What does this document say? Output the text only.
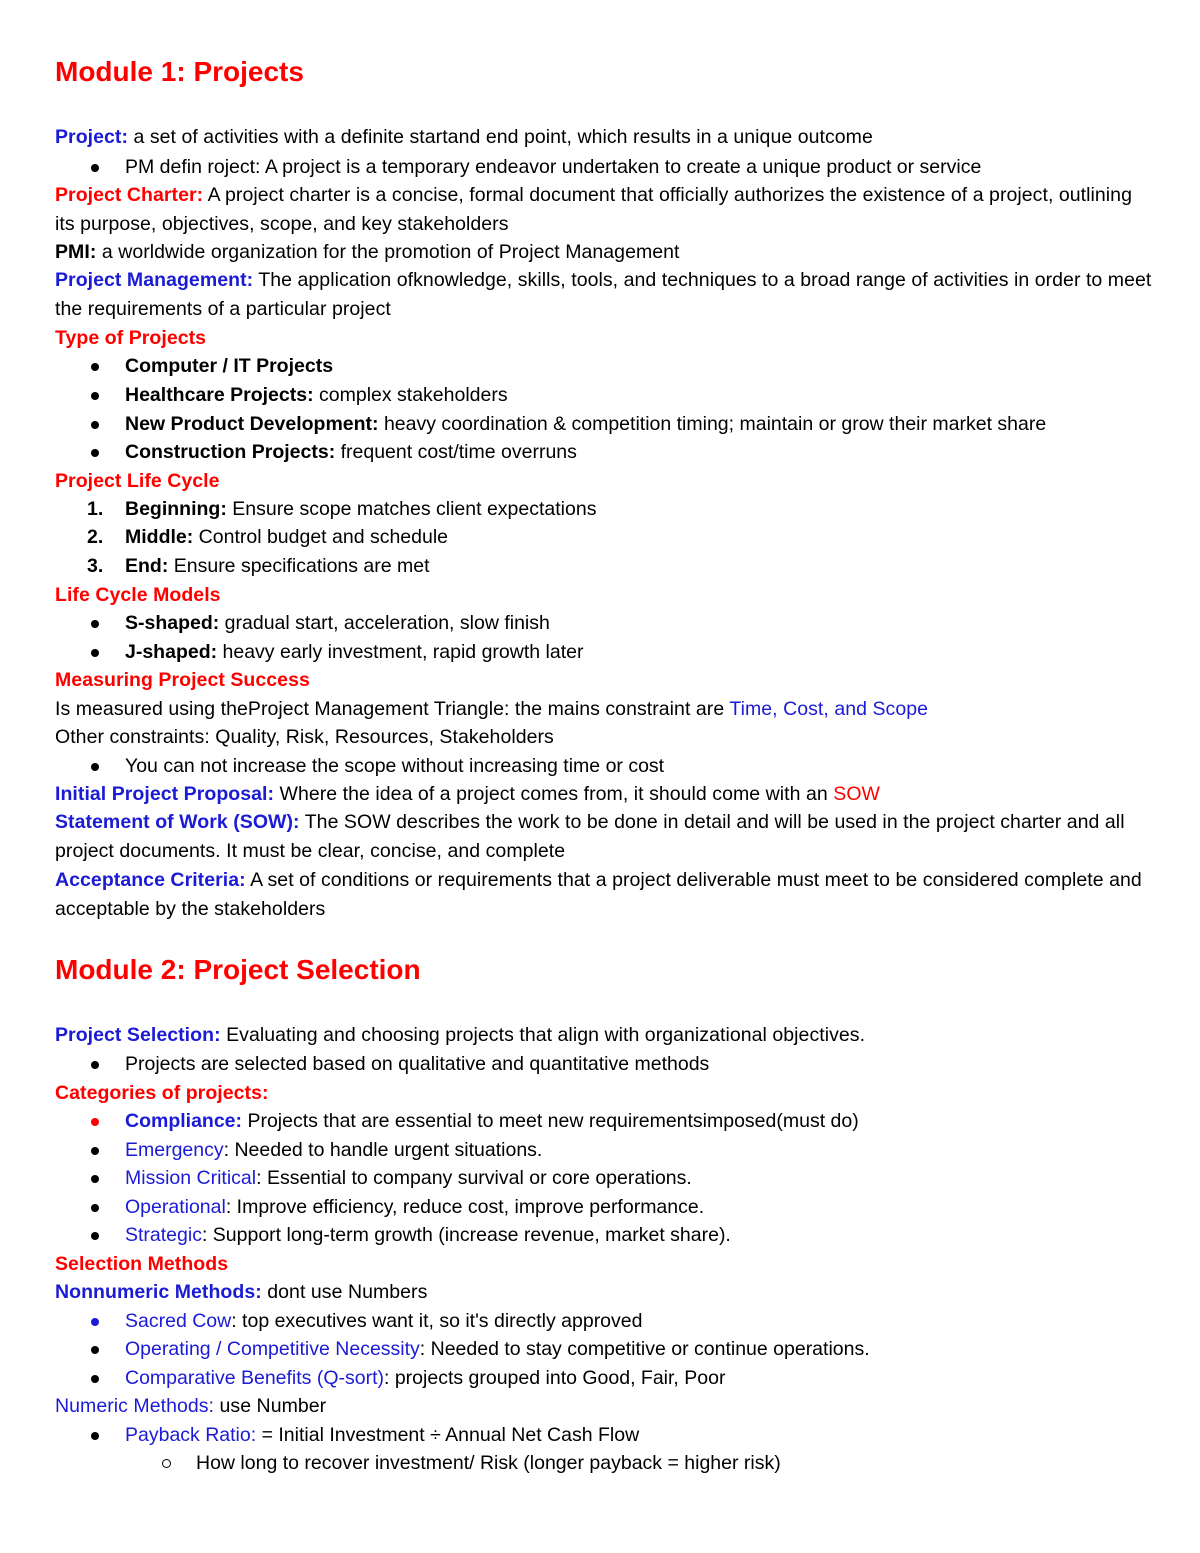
Module 1: Projects
Project: a set of activities with a definite startand end point, which results in a unique outcome
PM defin roject: A project is a temporary endeavor undertaken to create a unique product or service
Project Charter: A project charter is a concise, formal document that officially authorizes the existence of a project, outlining its purpose, objectives, scope, and key stakeholders
PMI: a worldwide organization for the promotion of Project Management
Project Management: The application ofknowledge, skills, tools, and techniques to a broad range of activities in order to meet the requirements of a particular project
Type of Projects
Computer / IT Projects
Healthcare Projects: complex stakeholders
New Product Development: heavy coordination & competition timing; maintain or grow their market share
Construction Projects: frequent cost/time overruns
Project Life Cycle
1. Beginning: Ensure scope matches client expectations
2. Middle: Control budget and schedule
3. End: Ensure specifications are met
Life Cycle Models
S-shaped: gradual start, acceleration, slow finish
J-shaped: heavy early investment, rapid growth later
Measuring Project Success
Is measured using theProject Management Triangle: the mains constraint are Time, Cost, and Scope
Other constraints: Quality, Risk, Resources, Stakeholders
You can not increase the scope without increasing time or cost
Initial Project Proposal: Where the idea of a project comes from, it should come with an SOW
Statement of Work (SOW): The SOW describes the work to be done in detail and will be used in the project charter and all project documents. It must be clear, concise, and complete
Acceptance Criteria: A set of conditions or requirements that a project deliverable must meet to be considered complete and acceptable by the stakeholders
Module 2: Project Selection
Project Selection: Evaluating and choosing projects that align with organizational objectives.
Projects are selected based on qualitative and quantitative methods
Categories of projects:
Compliance: Projects that are essential to meet new requirementsimposed(must do)
Emergency: Needed to handle urgent situations.
Mission Critical: Essential to company survival or core operations.
Operational: Improve efficiency, reduce cost, improve performance.
Strategic: Support long-term growth (increase revenue, market share).
Selection Methods
Nonnumeric Methods: dont use Numbers
Sacred Cow: top executives want it, so it's directly approved
Operating / Competitive Necessity: Needed to stay competitive or continue operations.
Comparative Benefits (Q-sort): projects grouped into Good, Fair, Poor
Numeric Methods: use Number
Payback Ratio: = Initial Investment ÷ Annual Net Cash Flow
How long to recover investment/ Risk (longer payback = higher risk)
